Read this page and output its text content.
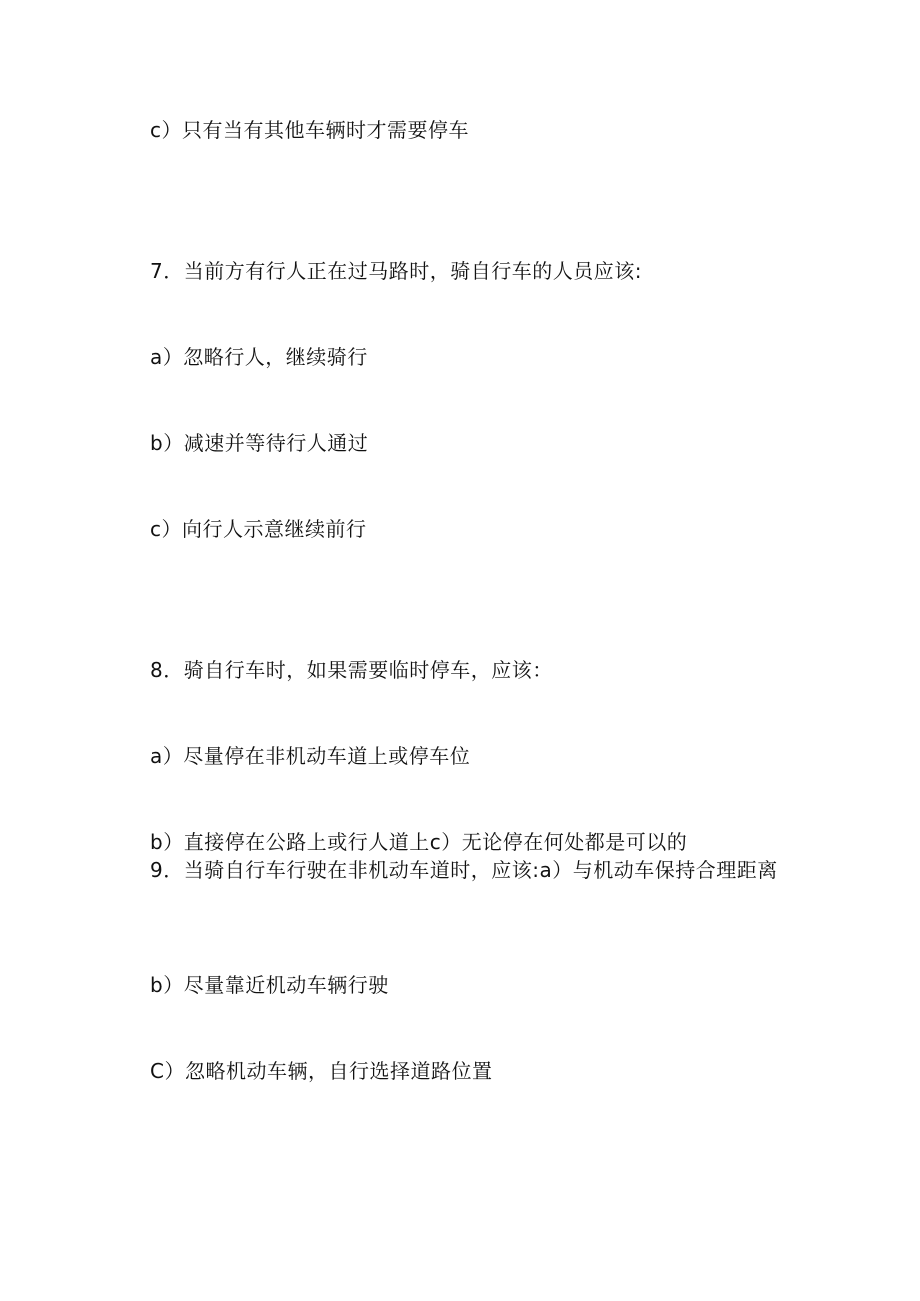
c）只有当有其他车辆时才需要停车
7．当前方有行人正在过马路时，骑自行车的人员应该:
a）忽略行人，继续骑行
b）减速并等待行人通过
c）向行人示意继续前行
8．骑自行车时，如果需要临时停车，应该：
a）尽量停在非机动车道上或停车位
b）直接停在公路上或行人道上c）无论停在何处都是可以的
9．当骑自行车行驶在非机动车道时，应该:a）与机动车保持合理距离
b）尽量靠近机动车辆行驶
C）忽略机动车辆，自行选择道路位置
